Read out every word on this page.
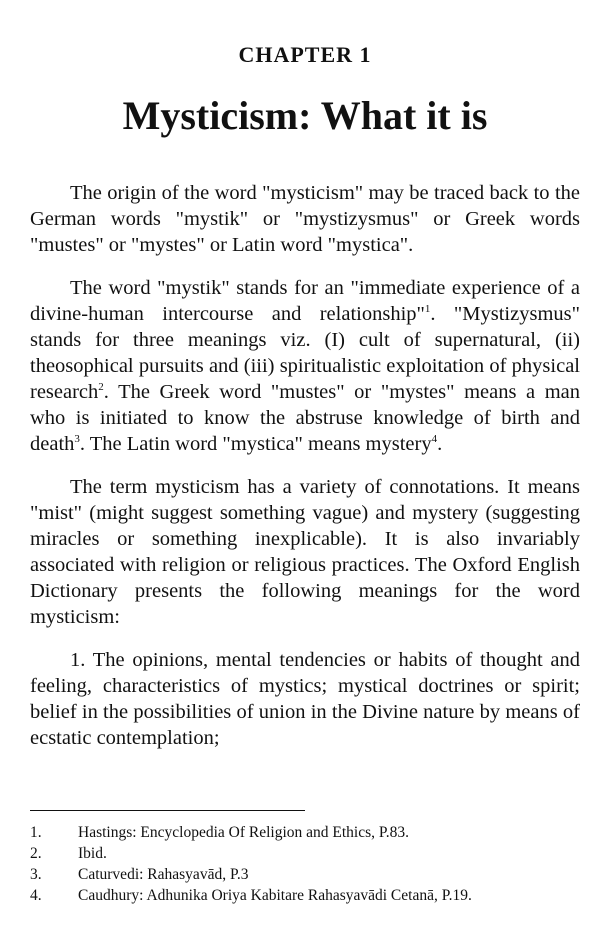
CHAPTER 1
Mysticism: What it is

The origin of the word "mysticism" may be traced back to the German words "mystik" or "mystizysmus" or Greek words "mustes" or "mystes" or Latin word "mystica".

The word "mystik" stands for an "immediate experience of a divine-human intercourse and relationship"$^1$. "Mystizysmus" stands for three meanings viz. (I) cult of supernatural, (ii) theosophical pursuits and (iii) spiritualistic exploitation of physical research$^2$. The Greek word "mustes" or "mystes" means a man who is initiated to know the abstruse knowledge of birth and death$^3$. The Latin word "mystica" means mystery$^4$.

The term mysticism has a variety of connotations. It means "mist" (might suggest something vague) and mystery (suggesting miracles or something inexplicable). It is also invariably associated with religion or religious practices. The Oxford English Dictionary presents the following meanings for the word mysticism:

1. The opinions, mental tendencies or habits of thought and feeling, characteristics of mystics; mystical doctrines or spirit; belief in the possibilities of union in the Divine nature by means of ecstatic contemplation;

1.	Hastings: Encyclopedia Of Religion and Ethics, P.83.
2.	Ibid.
3.	Caturvedi: Rahasyavād, P.3
4.	Caudhury: Adhunika Oriya Kabitare Rahasyavādi Cetanā, P.19.
